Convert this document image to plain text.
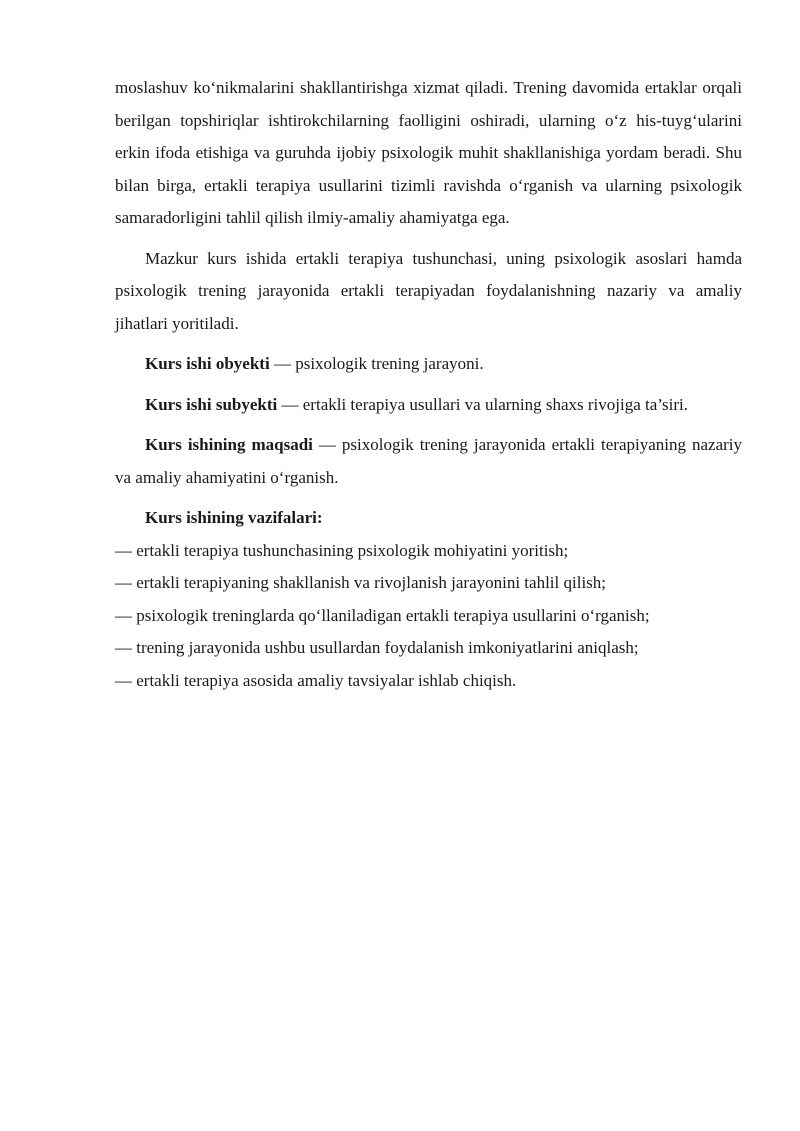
moslashuv ko‘nikmalarini shakllantirishga xizmat qiladi. Trening davomida ertaklar orqali berilgan topshiriqlar ishtirokchilarning faolligini oshiradi, ularning o‘z his-tuyg‘ularini erkin ifoda etishiga va guruhda ijobiy psixologik muhit shakllanishiga yordam beradi. Shu bilan birga, ertakli terapiya usullarini tizimli ravishda o‘rganish va ularning psixologik samaradorligini tahlil qilish ilmiy-amaliy ahamiyatga ega.

Mazkur kurs ishida ertakli terapiya tushunchasi, uning psixologik asoslari hamda psixologik trening jarayonida ertakli terapiyadan foydalanishning nazariy va amaliy jihatlari yoritiladi.

Kurs ishi obyekti — psixologik trening jarayoni.

Kurs ishi subyekti — ertakli terapiya usullari va ularning shaxs rivojiga ta’siri.

Kurs ishining maqsadi — psixologik trening jarayonida ertakli terapiyaning nazariy va amaliy ahamiyatini o‘rganish.

Kurs ishining vazifalari:

— ertakli terapiya tushunchasining psixologik mohiyatini yoritish;
— ertakli terapiyaning shakllanish va rivojlanish jarayonini tahlil qilish;
— psixologik treninglarda qo‘llaniladigan ertakli terapiya usullarini o‘rganish;
— trening jarayonida ushbu usullardan foydalanish imkoniyatlarini aniqlash;
— ertakli terapiya asosida amaliy tavsiyalar ishlab chiqish.
